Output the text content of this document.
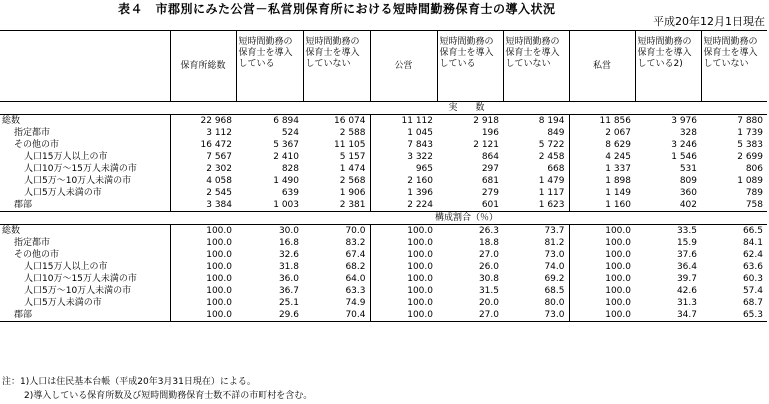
表４　市郡別にみた公営－私営別保育所における短時間勤務保育士の導入状況
平成20年12月1日現在
	保育所総数	短時間勤務の保育士を導入している	短時間勤務の保育士を導入していない	公営	短時間勤務の保育士を導入している	短時間勤務の保育士を導入していない	私営	短時間勤務の保育士を導入している2)	短時間勤務の保育士を導入していない
	実　　数								
総数	22 968	6 894	16 074	11 112	2 918	8 194	11 856	3 976	7 880
指定都市	3 112	524	2 588	1 045	196	849	2 067	328	1 739
その他の市	16 472	5 367	11 105	7 843	2 121	5 722	8 629	3 246	5 383
人口15万人以上の市	7 567	2 410	5 157	3 322	864	2 458	4 245	1 546	2 699
人口10万～15万人未満の市	2 302	828	1 474	965	297	668	1 337	531	806
人口5万～10万人未満の市	4 058	1 490	2 568	2 160	681	1 479	1 898	809	1 089
人口5万人未満の市	2 545	639	1 906	1 396	279	1 117	1 149	360	789
郡部	3 384	1 003	2 381	2 224	601	1 623	1 160	402	758
	構成割合（％）								
総数	100.0	30.0	70.0	100.0	26.3	73.7	100.0	33.5	66.5
指定都市	100.0	16.8	83.2	100.0	18.8	81.2	100.0	15.9	84.1
その他の市	100.0	32.6	67.4	100.0	27.0	73.0	100.0	37.6	62.4
人口15万人以上の市	100.0	31.8	68.2	100.0	26.0	74.0	100.0	36.4	63.6
人口10万～15万人未満の市	100.0	36.0	64.0	100.0	30.8	69.2	100.0	39.7	60.3
人口5万～10万人未満の市	100.0	36.7	63.3	100.0	31.5	68.5	100.0	42.6	57.4
人口5万人未満の市	100.0	25.1	74.9	100.0	20.0	80.0	100.0	31.3	68.7
郡部	100.0	29.6	70.4	100.0	27.0	73.0	100.0	34.7	65.3
注：1)人口は住民基本台帳（平成20年3月31日現在）による。
2)導入している保育所数及び短時間勤務保育士数不詳の市町村を含む。
